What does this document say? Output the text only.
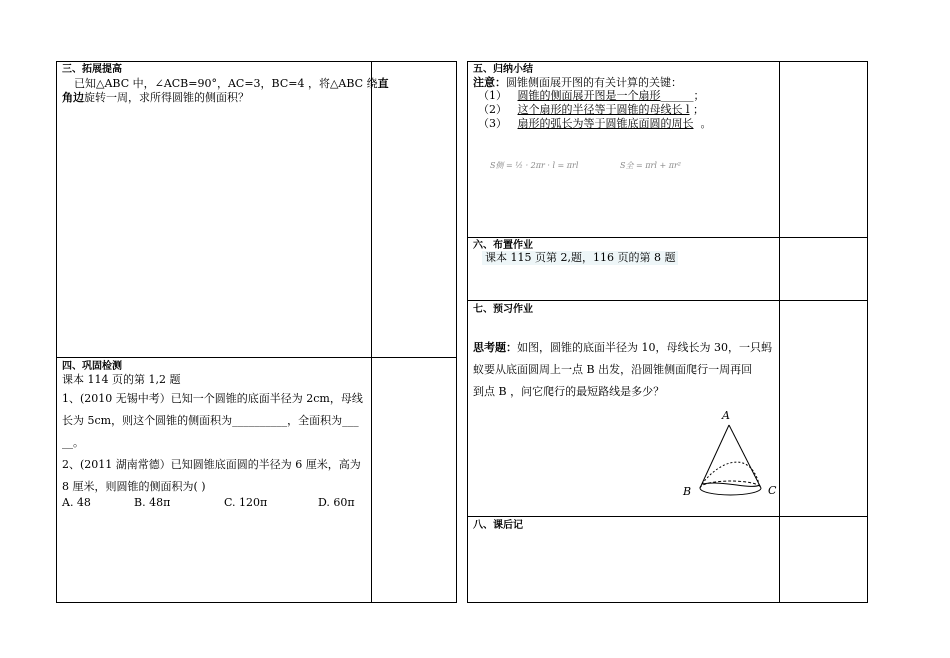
三、拓展提高
已知△ABC 中，∠ACB=90°，AC=3，BC=4 ，将△ABC 绕直
角边旋转一周，求所得圆锥的侧面积？
四、巩固检测
课本 114 页的第 1,2 题
1、(2010 无锡中考）已知一个圆锥的底面半径为 2cm，母线
长为 5cm，则这个圆锥的侧面积为__________，全面积为___
__。
2、(2011 湖南常德）已知圆锥底面圆的半径为 6 厘米，高为
8 厘米，则圆锥的侧面积为( )
A. 48	B. 48π	C. 120π	D. 60π
五、归纳小结
注意：圆锥侧面展开图的有关计算的关键：
（1） 圆锥的侧面展开图是一个扇形______；
（2） 这个扇形的半径等于圆锥的母线长 l ；
（3） 扇形的弧长为等于圆锥底面圆的周长 。
S侧 = ½ · 2πr · l = πrl	S全 = πrl + πr²
六、布置作业
课本 115 页第 2,题，116 页的第 8 题
七、预习作业
思考题：如图，圆锥的底面半径为 10，母线长为 30，一只蚂
蚁要从底面圆周上一点 B 出发，沿圆锥侧面爬行一周再回
到点 B ，问它爬行的最短路线是多少？
A
B	C
八、课后记
